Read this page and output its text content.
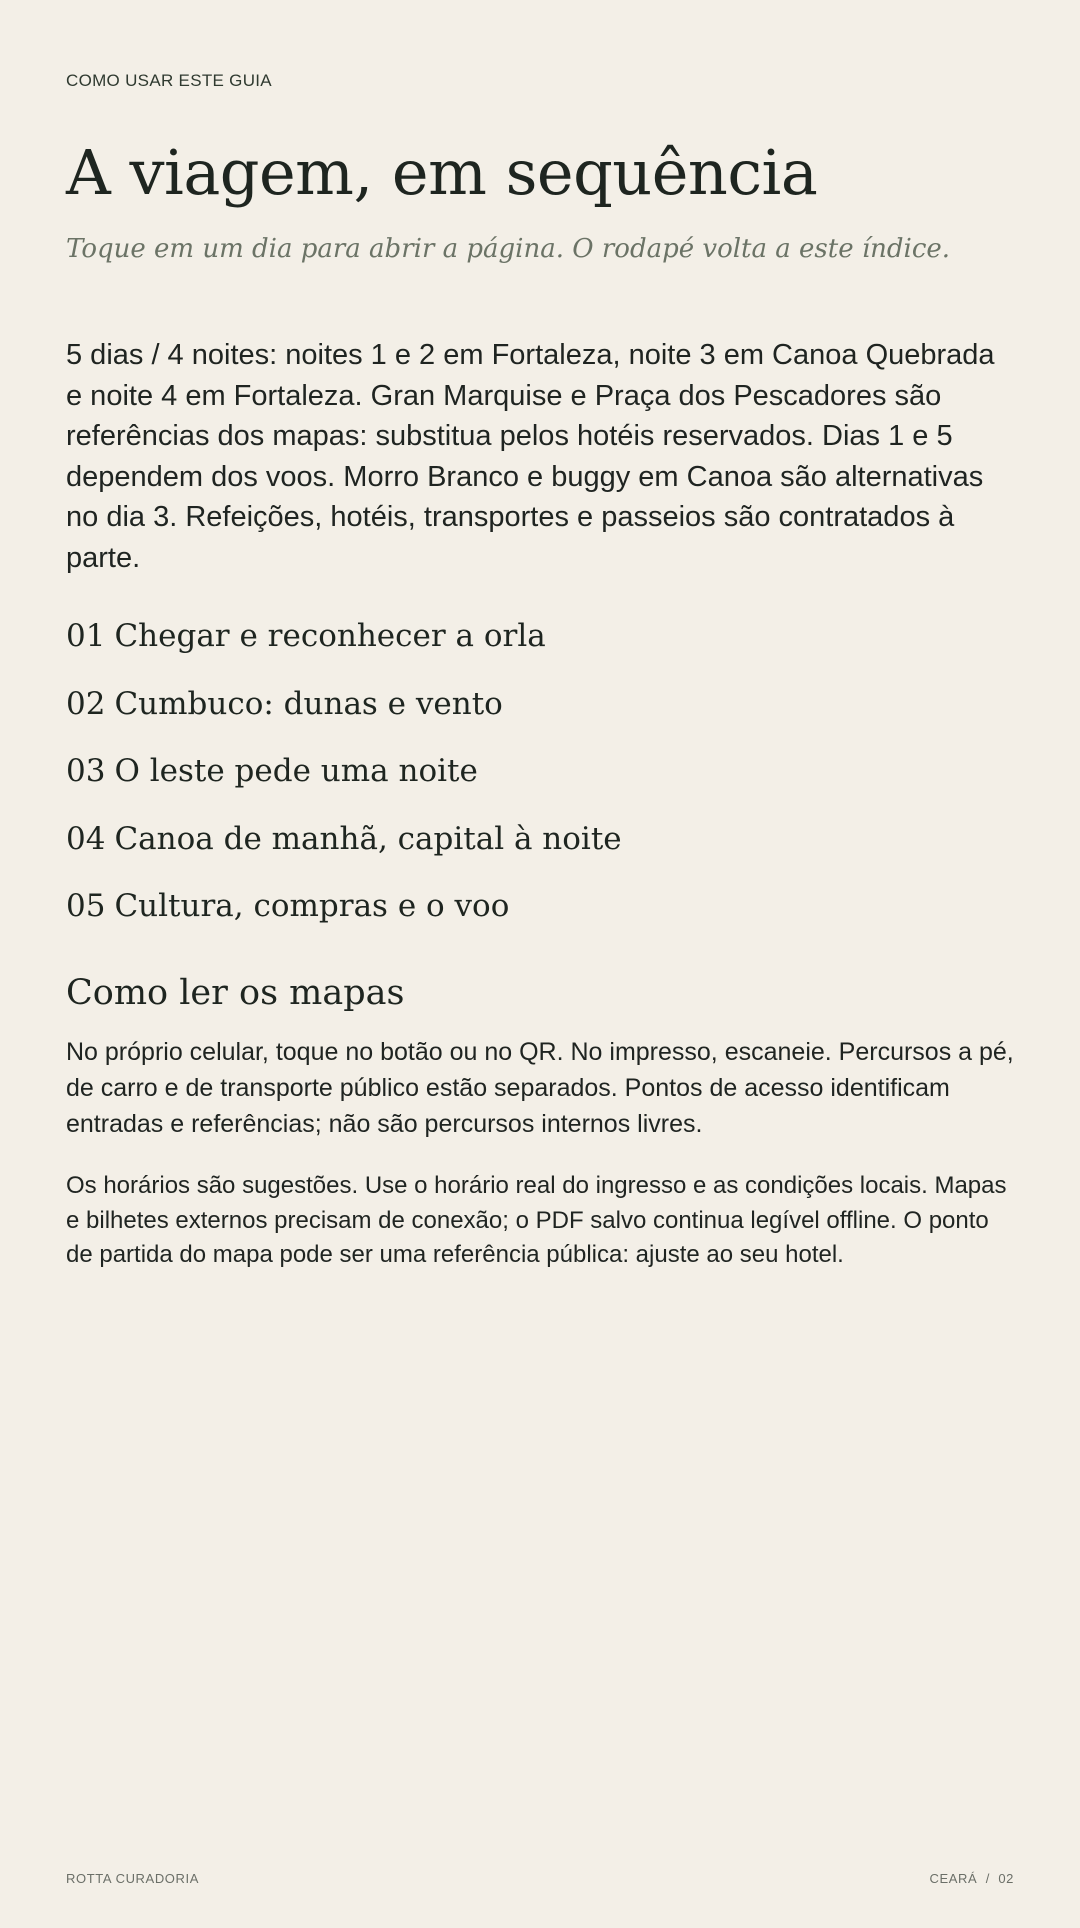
COMO USAR ESTE GUIA
A viagem, em sequência

Toque em um dia para abrir a página. O rodapé volta a este índice.

5 dias / 4 noites: noites 1 e 2 em Fortaleza, noite 3 em Canoa Quebrada e noite 4 em Fortaleza. Gran Marquise e Praça dos Pescadores são referências dos mapas: substitua pelos hotéis reservados. Dias 1 e 5 dependem dos voos. Morro Branco e buggy em Canoa são alternativas no dia 3. Refeições, hotéis, transportes e passeios são contratados à parte.

01 Chegar e reconhecer a orla
02 Cumbuco: dunas e vento
03 O leste pede uma noite
04 Canoa de manhã, capital à noite
05 Cultura, compras e o voo
Como ler os mapas

No próprio celular, toque no botão ou no QR. No impresso, escaneie. Percursos a pé, de carro e de transporte público estão separados. Pontos de acesso identificam entradas e referências; não são percursos internos livres.

Os horários são sugestões. Use o horário real do ingresso e as condições locais. Mapas e bilhetes externos precisam de conexão; o PDF salvo continua legível offline. O ponto de partida do mapa pode ser uma referência pública: ajuste ao seu hotel.

ROTTA CURADORIA	CEARÁ  /  02
